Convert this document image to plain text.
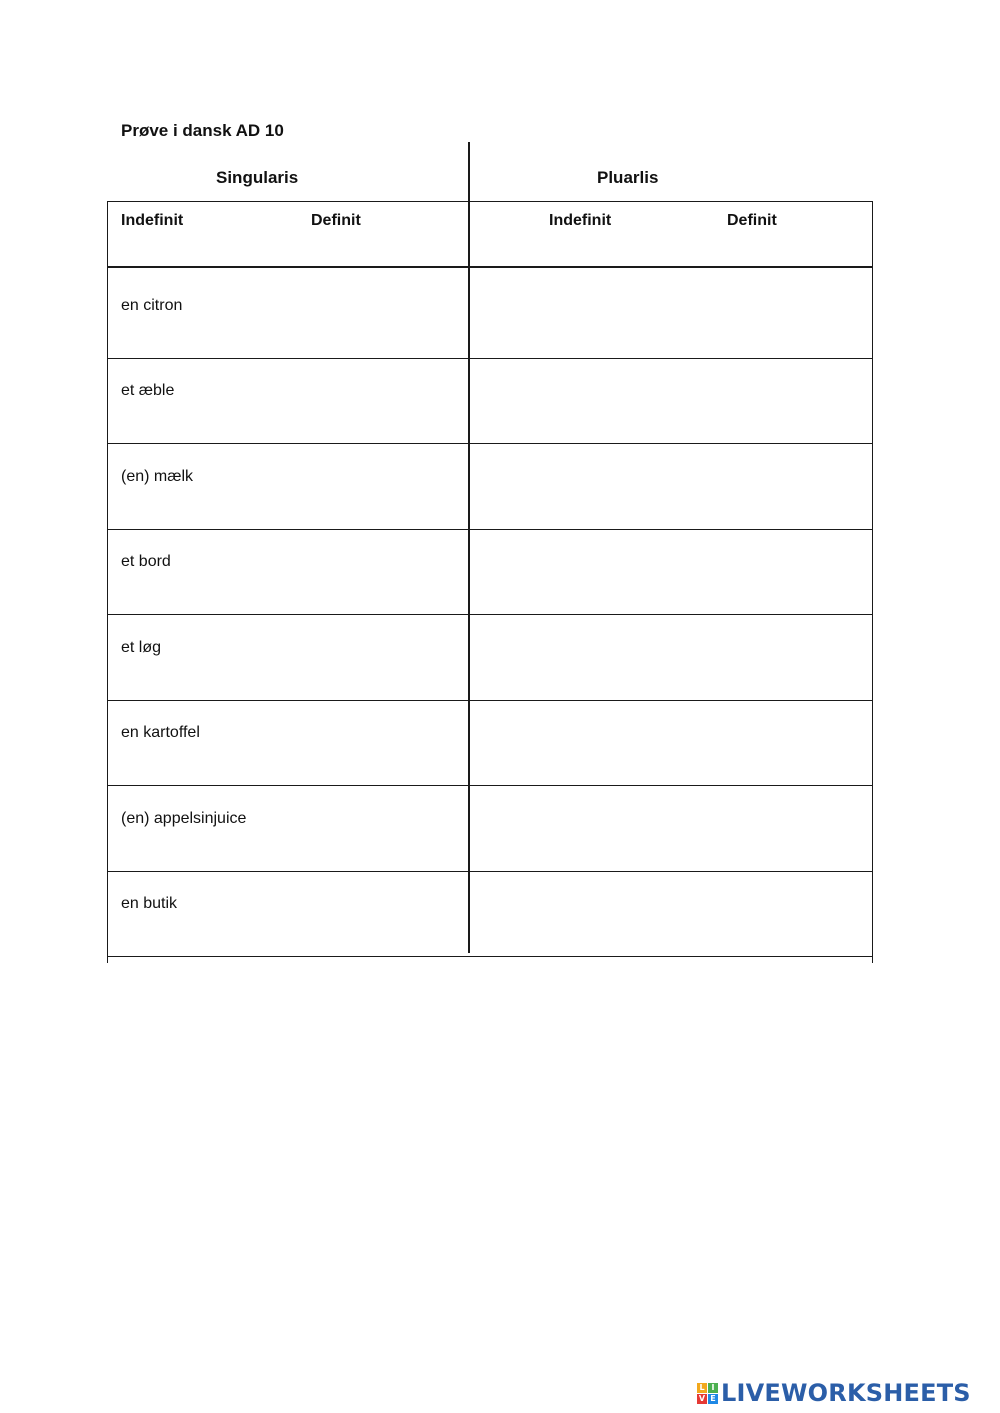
Prøve i dansk AD 10
Singularis	Pluarlis
Indefinit	Definit	Indefinit	Definit
en citron
et æble
(en) mælk
et bord
et løg
en kartoffel
(en) appelsinjuice
en butik
L I
V E LIVEWORKSHEETS
